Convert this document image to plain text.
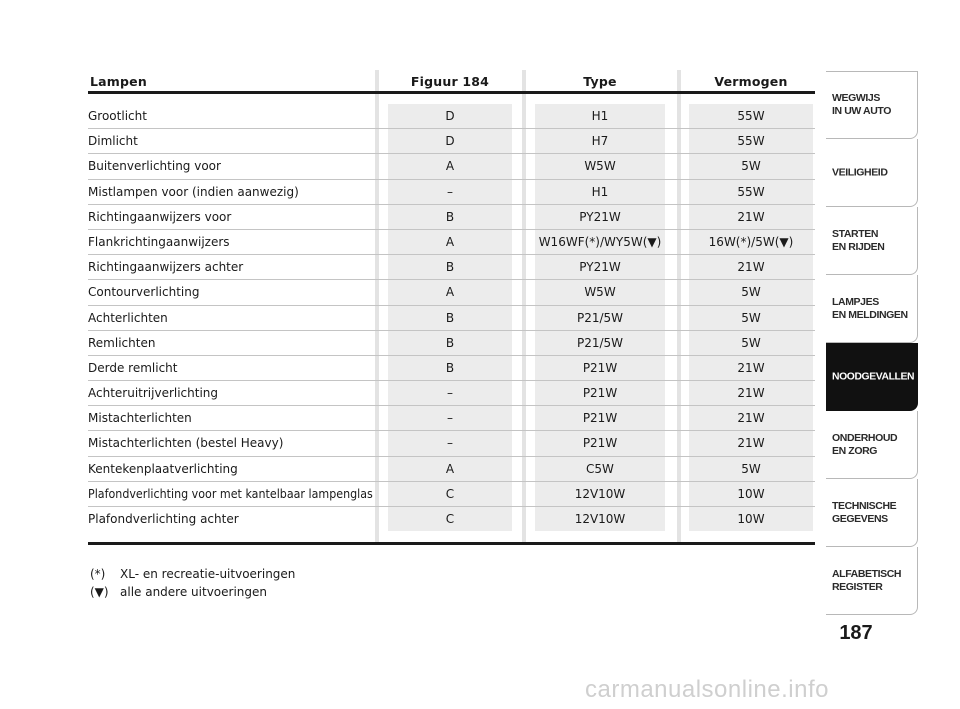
Lampen	Figuur 184	Type	Vermogen
Grootlicht	D	H1	55W
Dimlicht	D	H7	55W
Buitenverlichting voor	A	W5W	5W
Mistlampen voor (indien aanwezig)	–	H1	55W
Richtingaanwijzers voor	B	PY21W	21W
Flankrichtingaanwijzers	A	W16WF(*)/WY5W(▼)	16W(*)/5W(▼)
Richtingaanwijzers achter	B	PY21W	21W
Contourverlichting	A	W5W	5W
Achterlichten	B	P21/5W	5W
Remlichten	B	P21/5W	5W
Derde remlicht	B	P21W	21W
Achteruitrijverlichting	–	P21W	21W
Mistachterlichten	–	P21W	21W
Mistachterlichten (bestel Heavy)	–	P21W	21W
Kentekenplaatverlichting	A	C5W	5W
Plafondverlichting voor met kantelbaar lampenglas	C	12V10W	10W
Plafondverlichting achter	C	12V10W	10W
(*)	XL- en recreatie-uitvoeringen
(▼) alle andere uitvoeringen
WEGWIJS
IN UW AUTO
VEILIGHEID
STARTEN
EN RIJDEN
LAMPJES
EN MELDINGEN
NOODGEVALLEN
ONDERHOUD
EN ZORG
TECHNISCHE
GEGEVENS
ALFABETISCH
REGISTER
187
carmanualsonline.info
